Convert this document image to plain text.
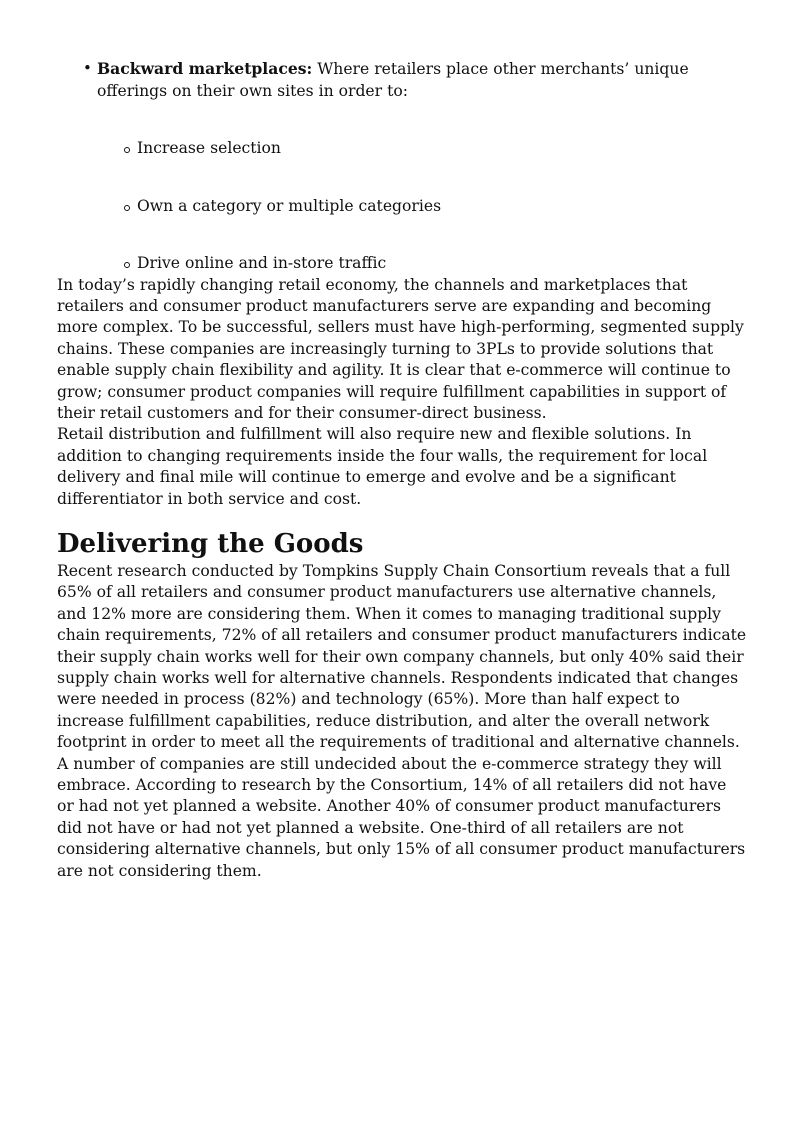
• Backward marketplaces: Where retailers place other merchants’ unique offerings on their own sites in order to:
Increase selection
Own a category or multiple categories
Drive online and in-store traffic

In today’s rapidly changing retail economy, the channels and marketplaces that retailers and consumer product manufacturers serve are expanding and becoming more complex. To be successful, sellers must have high-performing, segmented supply chains. These companies are increasingly turning to 3PLs to provide solutions that enable supply chain flexibility and agility. It is clear that e-commerce will continue to grow; consumer product companies will require fulfillment capabilities in support of their retail customers and for their consumer-direct business.

Retail distribution and fulfillment will also require new and flexible solutions. In addition to changing requirements inside the four walls, the requirement for local delivery and final mile will continue to emerge and evolve and be a significant differentiator in both service and cost.

Delivering the Goods

Recent research conducted by Tompkins Supply Chain Consortium reveals that a full 65% of all retailers and consumer product manufacturers use alternative channels, and 12% more are considering them. When it comes to managing traditional supply chain requirements, 72% of all retailers and consumer product manufacturers indicate their supply chain works well for their own company channels, but only 40% said their supply chain works well for alternative channels. Respondents indicated that changes were needed in process (82%) and technology (65%). More than half expect to increase fulfillment capabilities, reduce distribution, and alter the overall network footprint in order to meet all the requirements of traditional and alternative channels.

A number of companies are still undecided about the e-commerce strategy they will embrace. According to research by the Consortium, 14% of all retailers did not have or had not yet planned a website. Another 40% of consumer product manufacturers did not have or had not yet planned a website. One-third of all retailers are not considering alternative channels, but only 15% of all consumer product manufacturers are not considering them.
